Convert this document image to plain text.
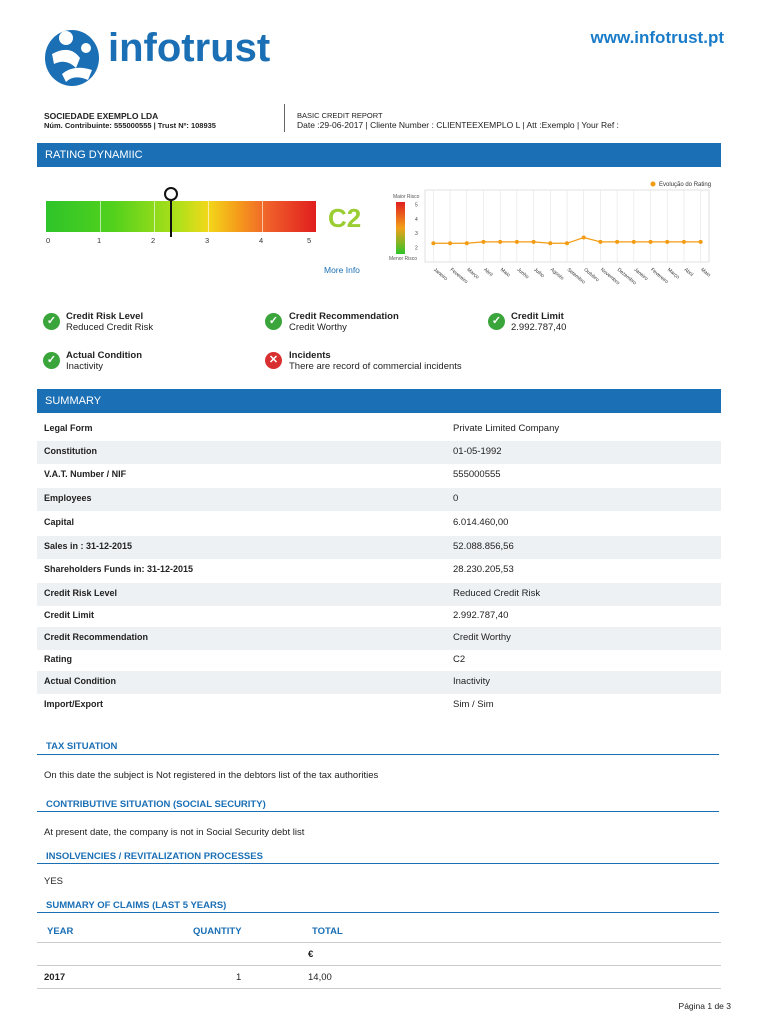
infotrust	www.infotrust.pt
SOCIEDADE EXEMPLO LDA
Núm. Contribuinte: 555000555 | Trust Nº: 108935
BASIC CREDIT REPORT
Date :29-06-2017 | Cliente Number : CLIENTEEXEMPLO L | Att :Exemplo | Your Ref :
RATING DYNAMIIC
0	1	2	3	4	5
C2
More Info
Evolução do Rating
Maior Risco
Menor Risco
5
4
3
2
Janeiro Fevereiro
Março Abril Maio Junho Julho Agosto Setembro
Outubro Novembro
Dezembro
Janeiro Fevereiro
Março Abril Maio
✓	Credit Risk Level
Reduced Credit Risk
✓	Credit Recommendation
Credit Worthy
✓	Credit Limit
2.992.787,40
✓	Actual Condition
Inactivity
✕	Incidents
There are record of commercial incidents
SUMMARY
Legal Form	Private Limited Company
Constitution	01-05-1992
V.A.T. Number / NIF	555000555
Employees	0
Capital	6.014.460,00
Sales in : 31-12-2015	52.088.856,56
Shareholders Funds in: 31-12-2015	28.230.205,53
Credit Risk Level	Reduced Credit Risk
Credit Limit	2.992.787,40
Credit Recommendation	Credit Worthy
Rating	C2
Actual Condition	Inactivity
Import/Export	Sim / Sim
TAX SITUATION
On this date the subject is Not registered in the debtors list of the tax authorities
CONTRIBUTIVE SITUATION (SOCIAL SECURITY)
At present date, the company is not in Social Security debt list
INSOLVENCIES / REVITALIZATION PROCESSES
YES
SUMMARY OF CLAIMS (LAST 5 YEARS)
YEAR	QUANTITY	TOTAL
€
2017	1	14,00
Página 1 de 3
